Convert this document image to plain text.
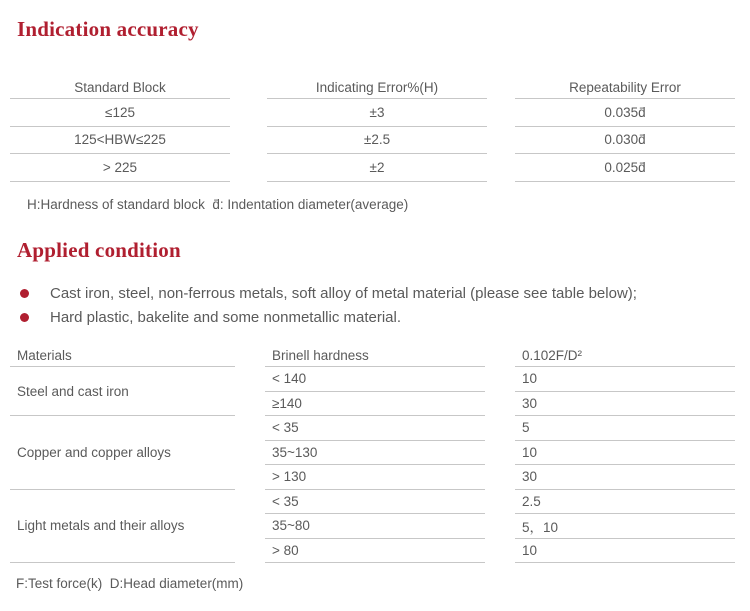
Indication accuracy
Standard Block
≤125
125<HBW≤225
> 225
Indicating Error%(H)
±3
±2.5
±2
Repeatability Error
0.035d̄
0.030d̄
0.025d̄
H:Hardness of standard block  d̄: Indentation diameter(average)
Applied condition
Cast iron, steel, non-ferrous metals, soft alloy of metal material (please see table below);
Hard plastic, bakelite and some nonmetallic material.
Materials
Steel and cast iron
Copper and copper alloys
Light metals and their alloys
Brinell hardness
< 140
≥140
< 35
35~130
> 130
< 35
35~80
> 80
0.102F/D²
10
30
5
10
30
2.5
5，10
10
F:Test force(k)  D:Head diameter(mm)
